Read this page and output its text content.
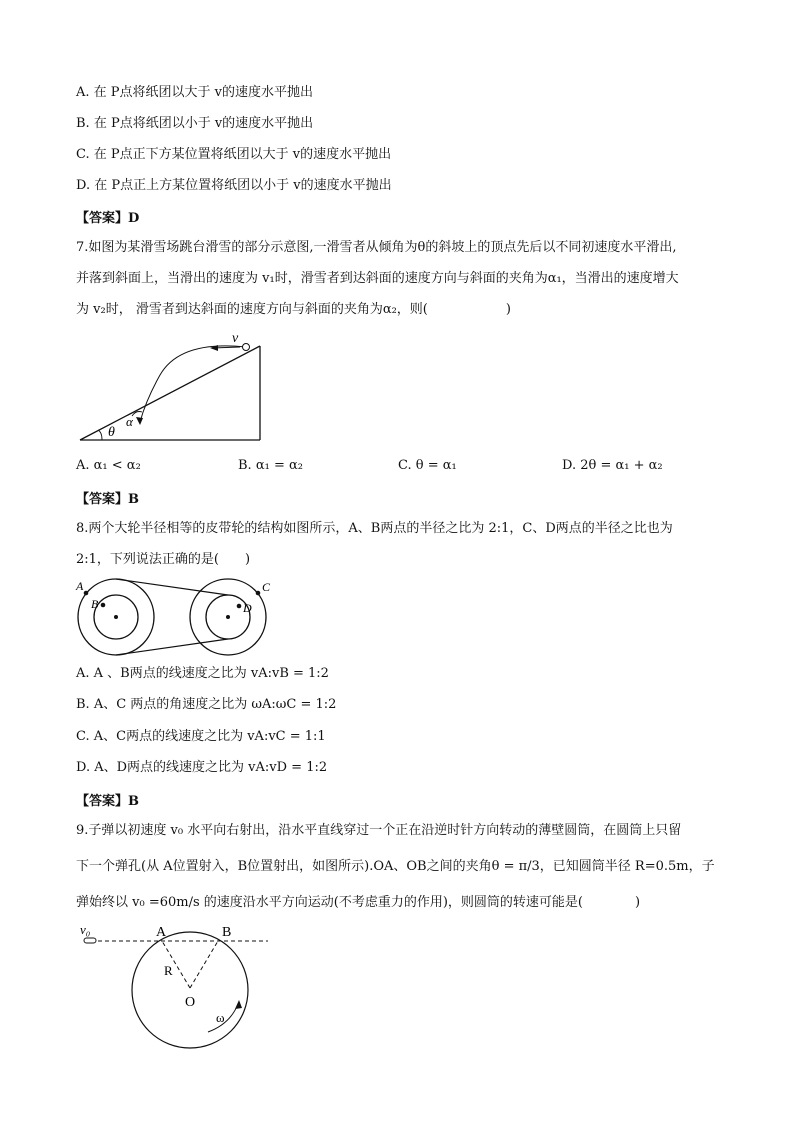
A. 在 P点将纸团以大于 v的速度水平抛出
B. 在 P点将纸团以小于 v的速度水平抛出
C. 在 P点正下方某位置将纸团以大于 v的速度水平抛出
D. 在 P点正上方某位置将纸团以小于 v的速度水平抛出
【答案】D
7.如图为某滑雪场跳台滑雪的部分示意图,一滑雪者从倾角为θ的斜坡上的顶点先后以不同初速度水平滑出,
并落到斜面上，当滑出的速度为 v₁时，滑雪者到达斜面的速度方向与斜面的夹角为α₁，当滑出的速度增大
为 v₂时， 滑雪者到达斜面的速度方向与斜面的夹角为α₂，则(　　　　　　)
v
α
θ
A. α₁ < α₂	B. α₁ = α₂	C. θ = α₁	D. 2θ = α₁ + α₂
【答案】B
8.两个大轮半径相等的皮带轮的结构如图所示，A、B两点的半径之比为 2:1，C、D两点的半径之比也为
2:1，下列说法正确的是(　　)
A
B
C
D
A. A 、B两点的线速度之比为 vA:vB = 1:2
B. A、C 两点的角速度之比为 ωA:ωC = 1:2
C. A、C两点的线速度之比为 vA:vC = 1:1
D. A、D两点的线速度之比为 vA:vD = 1:2
【答案】B
9.子弹以初速度 v₀ 水平向右射出，沿水平直线穿过一个正在沿逆时针方向转动的薄壁圆筒，在圆筒上只留
下一个弹孔(从 A位置射入，B位置射出，如图所示).OA、OB之间的夹角θ = π/3，已知圆筒半径 R=0.5m，子
弹始终以 v₀ =60m/s 的速度沿水平方向运动(不考虑重力的作用)，则圆筒的转速可能是(　　　　)
v₀	A	B
R
O
ω
